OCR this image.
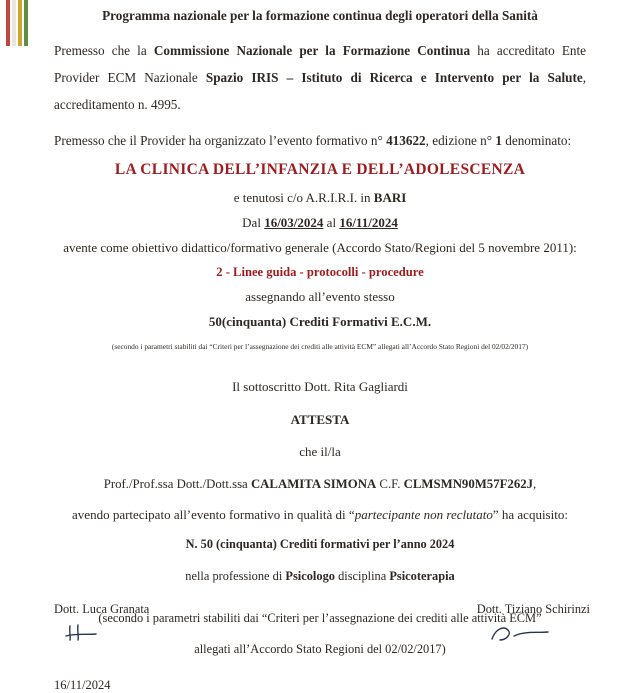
Programma nazionale per la formazione continua degli operatori della Sanità

Premesso che la Commissione Nazionale per la Formazione Continua ha accreditato Ente Provider ECM Nazionale Spazio IRIS – Istituto di Ricerca e Intervento per la Salute, accreditamento n. 4995.

Premesso che il Provider ha organizzato l’evento formativo n° 413622, edizione n° 1 denominato:

LA CLINICA DELL’INFANZIA E DELL’ADOLESCENZA
e tenutosi c/o A.R.I.R.I. in BARI
Dal 16/03/2024 al 16/11/2024
avente come obiettivo didattico/formativo generale (Accordo Stato/Regioni del 5 novembre 2011):
2 - Linee guida - protocolli - procedure
assegnando all’evento stesso
50(cinquanta) Crediti Formativi E.C.M.
(secondo i parametri stabiliti dai “Criteri per l’assegnazione dei crediti alle attività ECM” allegati all’Accordo Stato Regioni del 02/02/2017)
Il sottoscritto Dott. Rita Gagliardi
ATTESTA
che il/la
Prof./Prof.ssa Dott./Dott.ssa CALAMITA SIMONA C.F. CLMSMN90M57F262J,
avendo partecipato all’evento formativo in qualità di “partecipante non reclutato” ha acquisito:
N. 50 (cinquanta) Crediti formativi per l’anno 2024
nella professione di Psicologo disciplina Psicoterapia
(secondo i parametri stabiliti dai “Criteri per l’assegnazione dei crediti alle attività ECM”
allegati all’Accordo Stato Regioni del 02/02/2017)
16/11/2024
Dott. Luca Granata	Dott. Tiziano Schirinzi
